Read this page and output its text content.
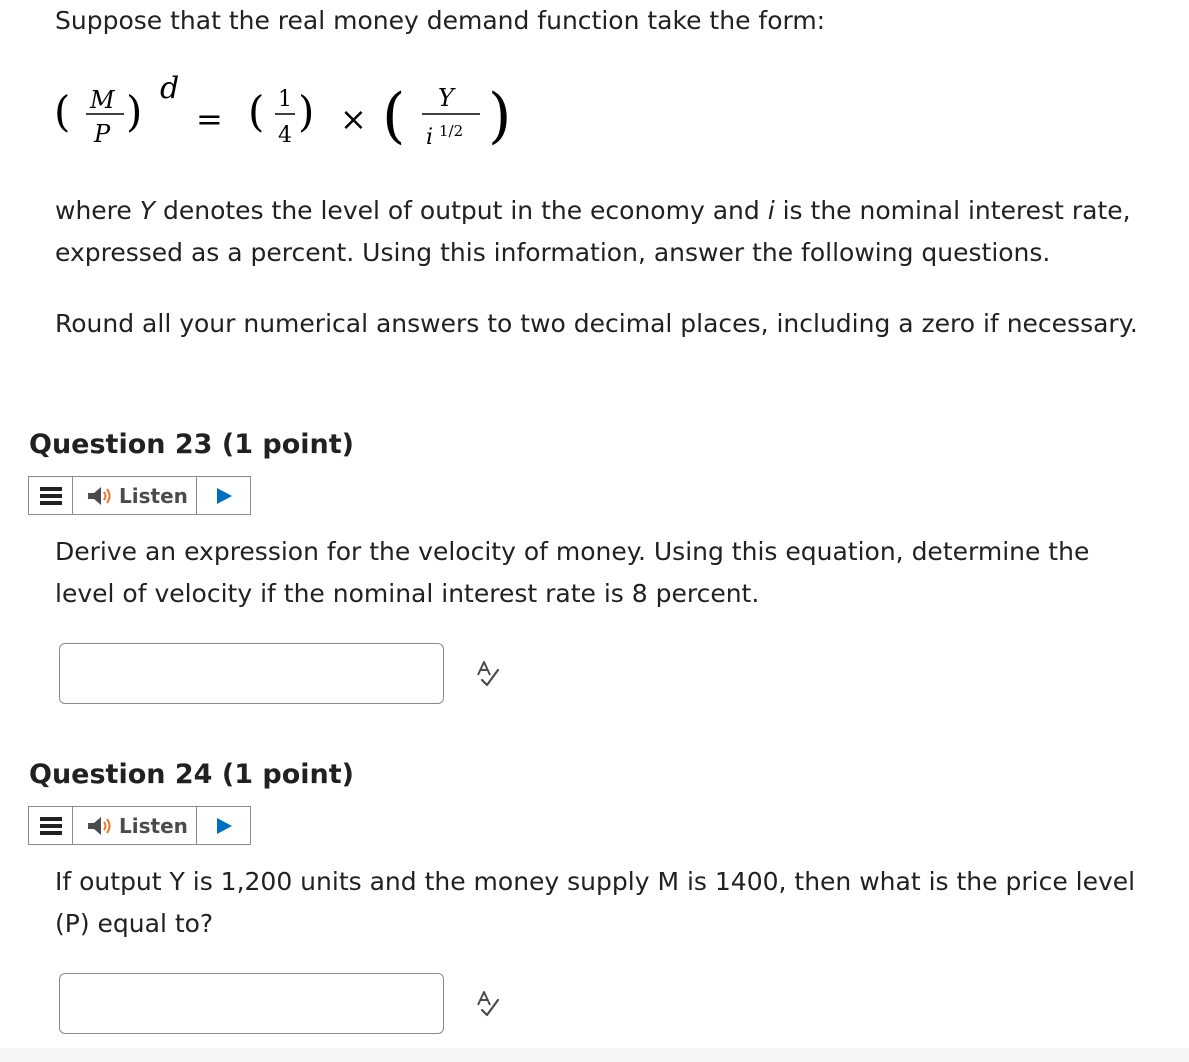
Suppose that the real money demand function take the form:

( M
P ) d
= ( 1
4 ) × ( Y
i 1/2 )

where Y denotes the level of output in the economy and i is the nominal interest rate, expressed as a percent. Using this information, answer the following questions.

Round all your numerical answers to two decimal places, including a zero if necessary.

Question 23 (1 point)
Listen

Derive an expression for the velocity of money. Using this equation, determine the level of velocity if the nominal interest rate is 8 percent.

Question 24 (1 point)
Listen

If output Y is 1,200 units and the money supply M is 1400, then what is the price level (P) equal to?
